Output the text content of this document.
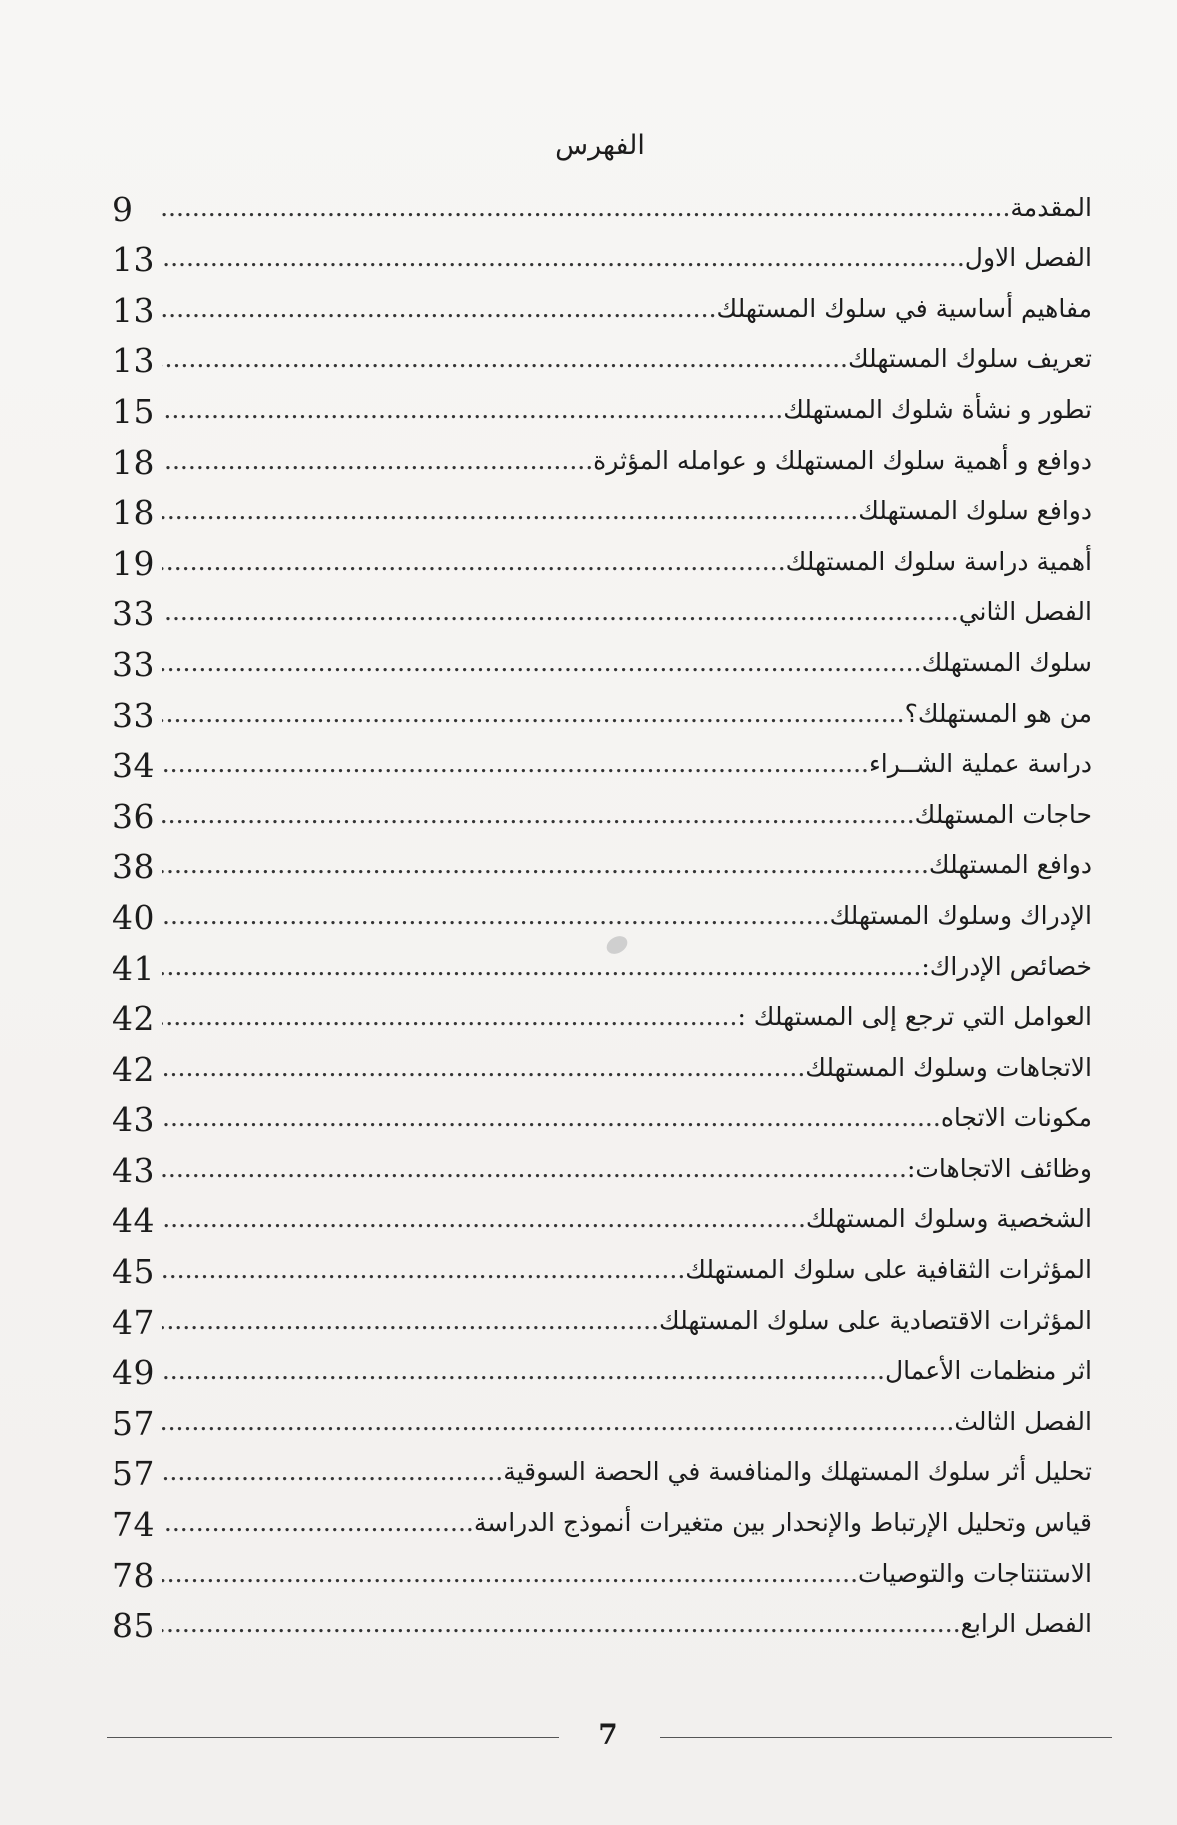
الفهرس
9	المقدمة .....
13	الفصل الاول .....
13	مفاهيم أساسية في سلوك المستهلك .....
13	تعريف سلوك المستهلك .....
15	تطور و نشأة شلوك المستهلك .....
18	دوافع و أهمية سلوك المستهلك و عوامله المؤثرة .....
18	دوافع سلوك المستهلك .....
19	أهمية دراسة سلوك المستهلك .....
33	الفصل الثاني .....
33	سلوك المستهلك .....
33	من هو المستهلك؟ .....
34	دراسة عملية الشــراء .....
36	حاجات المستهلك .....
38	دوافع المستهلك .....
40	الإدراك وسلوك المستهلك .....
41	خصائص الإدراك: .....
42	العوامل التي ترجع إلى المستهلك : .....
42	الاتجاهات وسلوك المستهلك .....
43	مكونات الاتجاه .....
43	وظائف الاتجاهات: .....
44	الشخصية وسلوك المستهلك .....
45	المؤثرات الثقافية على سلوك المستهلك .....
47	المؤثرات الاقتصادية على سلوك المستهلك .....
49	اثر منظمات الأعمال .....
57	الفصل الثالث .....
57	تحليل أثر سلوك المستهلك والمنافسة في الحصة السوقية .....
74	قياس وتحليل الإرتباط والإنحدار بين متغيرات أنموذج الدراسة .....
78	الاستنتاجات والتوصيات .....
85	الفصل الرابع .....
7
